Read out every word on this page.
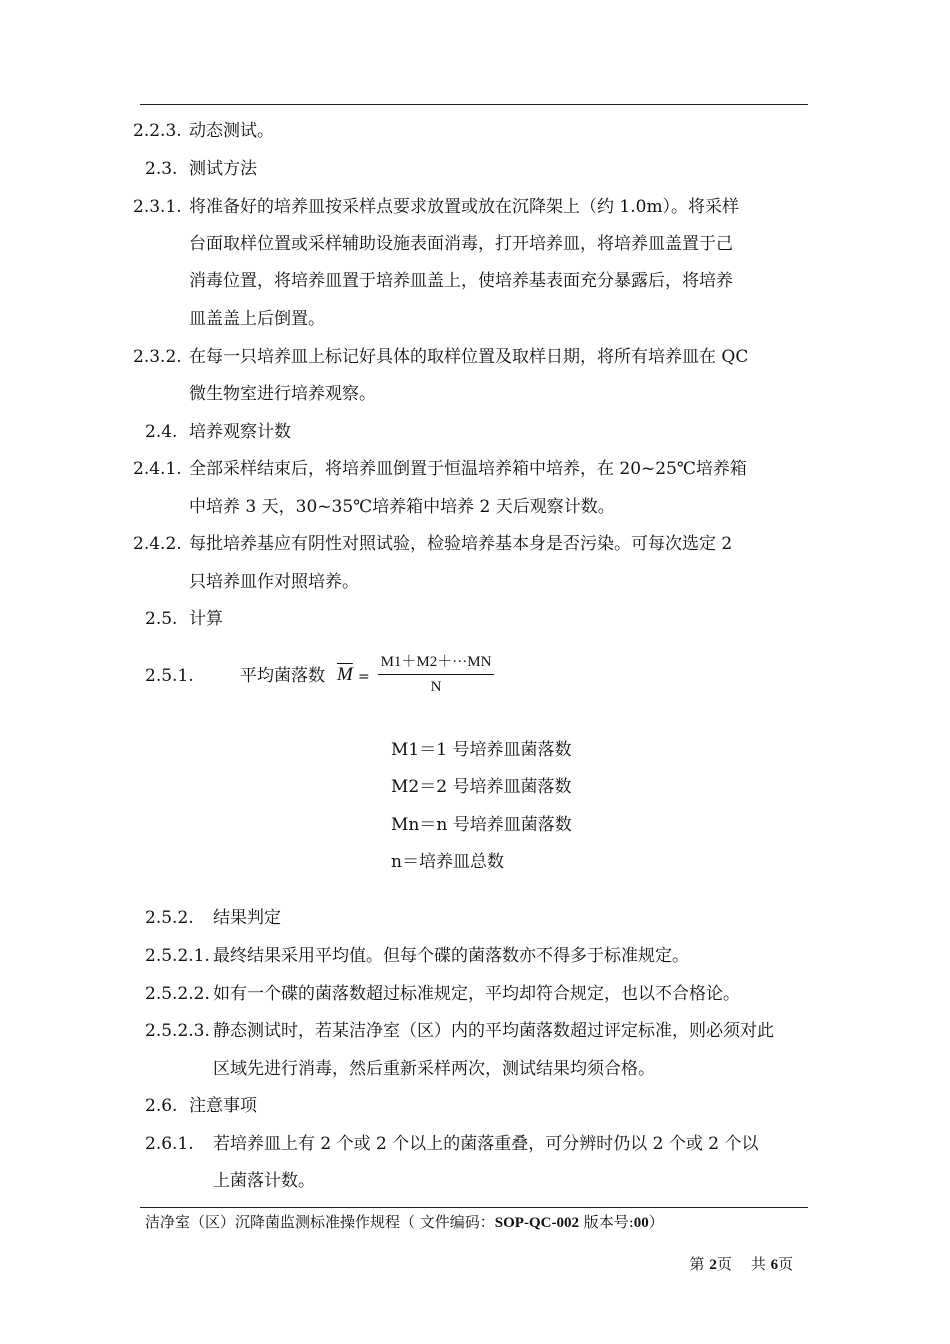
2.2.3. 动态测试。
2.3. 测试方法
2.3.1. 将准备好的培养皿按采样点要求放置或放在沉降架上（约 1.0m）。将采样
台面取样位置或采样辅助设施表面消毒，打开培养皿，将培养皿盖置于己
消毒位置，将培养皿置于培养皿盖上，使培养基表面充分暴露后，将培养
皿盖盖上后倒置。
2.3.2. 在每一只培养皿上标记好具体的取样位置及取样日期，将所有培养皿在 QC
微生物室进行培养观察。
2.4. 培养观察计数
2.4.1. 全部采样结束后，将培养皿倒置于恒温培养箱中培养，在 20~25℃培养箱
中培养 3 天，30~35℃培养箱中培养 2 天后观察计数。
2.4.2. 每批培养基应有阴性对照试验，检验培养基本身是否污染。可每次选定 2
只培养皿作对照培养。
2.5. 计算
2.5.1.	平均菌落数 $\overline{M}$ =
M1＋M2＋···MN
N
M1＝1 号培养皿菌落数
M2＝2 号培养皿菌落数
Mn＝n 号培养皿菌落数
n＝培养皿总数
2.5.2. 结果判定
2.5.2.1. 最终结果采用平均值。但每个碟的菌落数亦不得多于标准规定。
2.5.2.2. 如有一个碟的菌落数超过标准规定，平均却符合规定，也以不合格论。
2.5.2.3. 静态测试时，若某洁净室（区）内的平均菌落数超过评定标准，则必须对此
区域先进行消毒，然后重新采样两次，测试结果均须合格。
2.6. 注意事项
2.6.1. 若培养皿上有 2 个或 2 个以上的菌落重叠，可分辨时仍以 2 个或 2 个以
上菌落计数。
洁净室（区）沉降菌监测标准操作规程（ 文件编码：SOP-QC-002 版本号:00）

第 2页    共 6页
